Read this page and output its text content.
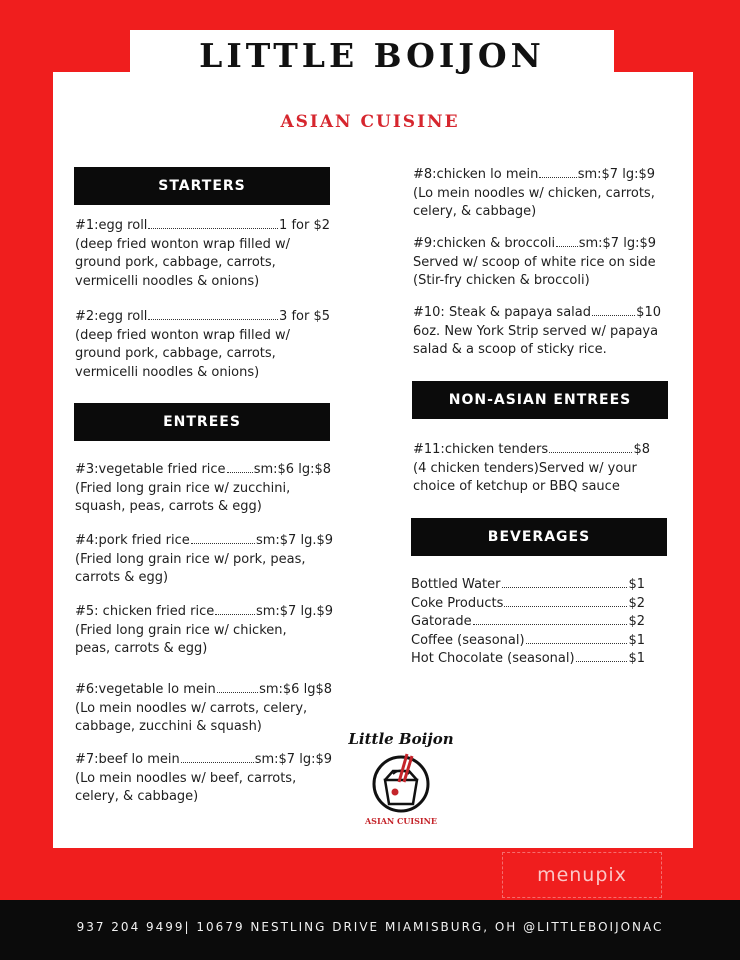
LITTLE BOIJON
ASIAN CUISINE
STARTERS
#1:egg roll	1 for $2
(deep fried wonton wrap filled w/
ground pork, cabbage, carrots,
vermicelli noodles & onions)
#2:egg roll	3 for $5
(deep fried wonton wrap filled w/
ground pork, cabbage, carrots,
vermicelli noodles & onions)
ENTREES
#3:vegetable fried rice sm:$6 lg:$8
(Fried long grain rice w/ zucchini,
squash, peas, carrots & egg)
#4:pork fried rice	sm:$7 lg.$9
(Fried long grain rice w/ pork, peas,
carrots & egg)
#5: chicken fried rice	sm:$7 lg.$9
(Fried long grain rice w/ chicken,
peas, carrots & egg)
#6:vegetable lo mein	sm:$6 lg$8
(Lo mein noodles w/ carrots, celery,
cabbage, zucchini & squash)
#7:beef lo mein	sm:$7 lg:$9
(Lo mein noodles w/ beef, carrots,
celery, & cabbage)
#8:chicken lo mein	sm:$7 lg:$9
(Lo mein noodles w/ chicken, carrots,
celery, & cabbage)
#9:chicken & broccoli sm:$7 lg:$9
Served w/ scoop of white rice on side
(Stir-fry chicken & broccoli)
#10: Steak & papaya salad	$10
6oz. New York Strip served w/ papaya
salad & a scoop of sticky rice.
NON-ASIAN ENTREES
#11:chicken tenders	$8
(4 chicken tenders)Served w/ your
choice of ketchup or BBQ sauce
BEVERAGES
Bottled Water	$1
Coke Products	$2
Gatorade	$2
Coffee (seasonal)	$1
Hot Chocolate (seasonal)	$1
Little Boijon
ASIAN CUISINE
menupix
937 204 9499| 10679 NESTLING DRIVE MIAMISBURG, OH @LITTLEBOIJONAC
